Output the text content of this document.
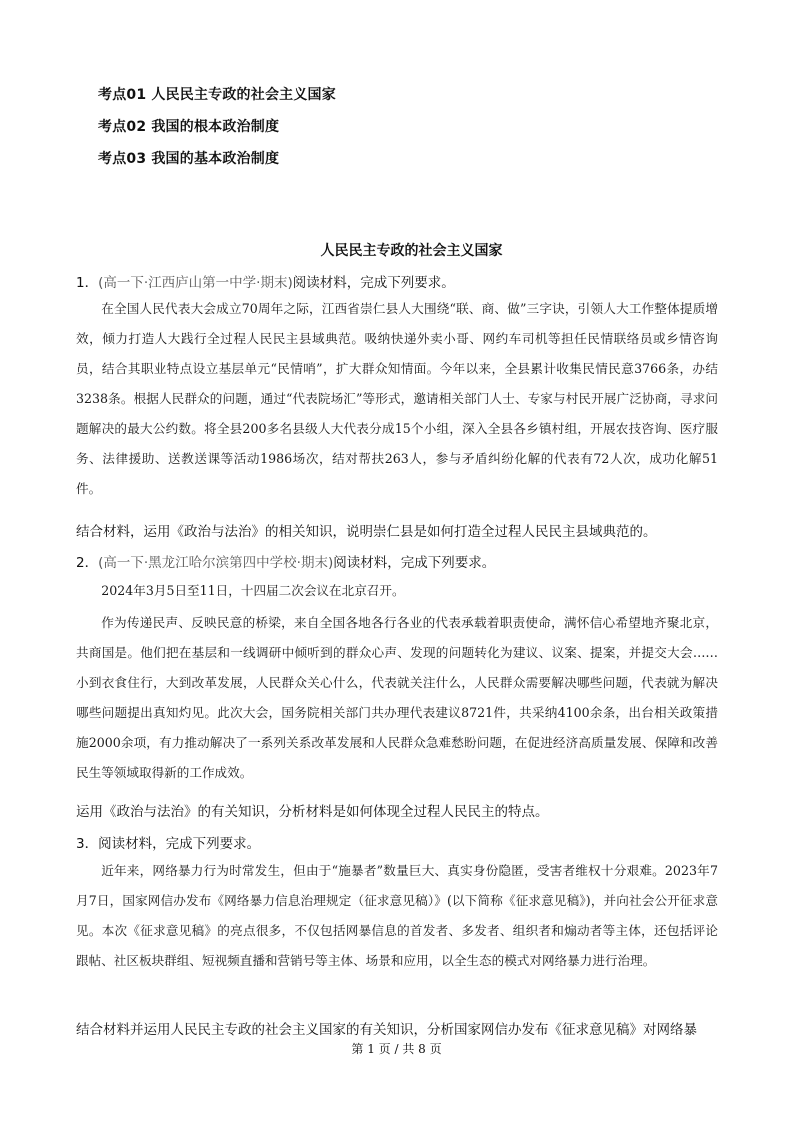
考点01 人民民主专政的社会主义国家
考点02 我国的根本政治制度
考点03 我国的基本政治制度
人民民主专政的社会主义国家
1．(高一下·江西庐山第一中学·期末)阅读材料，完成下列要求。
在全国人民代表大会成立70周年之际，江西省崇仁县人大围绕“联、商、做”三字诀，引领人大工作整体提质增效，倾力打造人大践行全过程人民民主县域典范。吸纳快递外卖小哥、网约车司机等担任民情联络员或乡情咨询员，结合其职业特点设立基层单元“民情哨”，扩大群众知情面。今年以来，全县累计收集民情民意3766条，办结3238条。根据人民群众的问题，通过“代表院场汇”等形式，邀请相关部门人士、专家与村民开展广泛协商，寻求问题解决的最大公约数。将全县200多名县级人大代表分成15个小组，深入全县各乡镇村组，开展农技咨询、医疗服务、法律援助、送教送课等活动1986场次，结对帮扶263人，参与矛盾纠纷化解的代表有72人次，成功化解51件。
结合材料，运用《政治与法治》的相关知识，说明崇仁县是如何打造全过程人民民主县域典范的。
2．(高一下·黑龙江哈尔滨第四中学校·期末)阅读材料，完成下列要求。
2024年3月5日至11日，十四届二次会议在北京召开。
作为传递民声、反映民意的桥梁，来自全国各地各行各业的代表承载着职责使命，满怀信心希望地齐聚北京，共商国是。他们把在基层和一线调研中倾听到的群众心声、发现的问题转化为建议、议案、提案，并提交大会……小到衣食住行，大到改革发展，人民群众关心什么，代表就关注什么，人民群众需要解决哪些问题，代表就为解决哪些问题提出真知灼见。此次大会，国务院相关部门共办理代表建议8721件，共采纳4100余条，出台相关政策措施2000余项，有力推动解决了一系列关系改革发展和人民群众急难愁盼问题，在促进经济高质量发展、保障和改善民生等领域取得新的工作成效。
运用《政治与法治》的有关知识，分析材料是如何体现全过程人民民主的特点。
3．阅读材料，完成下列要求。
近年来，网络暴力行为时常发生，但由于“施暴者”数量巨大、真实身份隐匿，受害者维权十分艰难。2023年7月7日，国家网信办发布《网络暴力信息治理规定（征求意见稿）》(以下简称《征求意见稿》)，并向社会公开征求意见。本次《征求意见稿》的亮点很多，不仅包括网暴信息的首发者、多发者、组织者和煽动者等主体，还包括评论跟帖、社区板块群组、短视频直播和营销号等主体、场景和应用，以全生态的模式对网络暴力进行治理。
结合材料并运用人民民主专政的社会主义国家的有关知识，分析国家网信办发布《征求意见稿》对网络暴
第 1 页 / 共 8 页
